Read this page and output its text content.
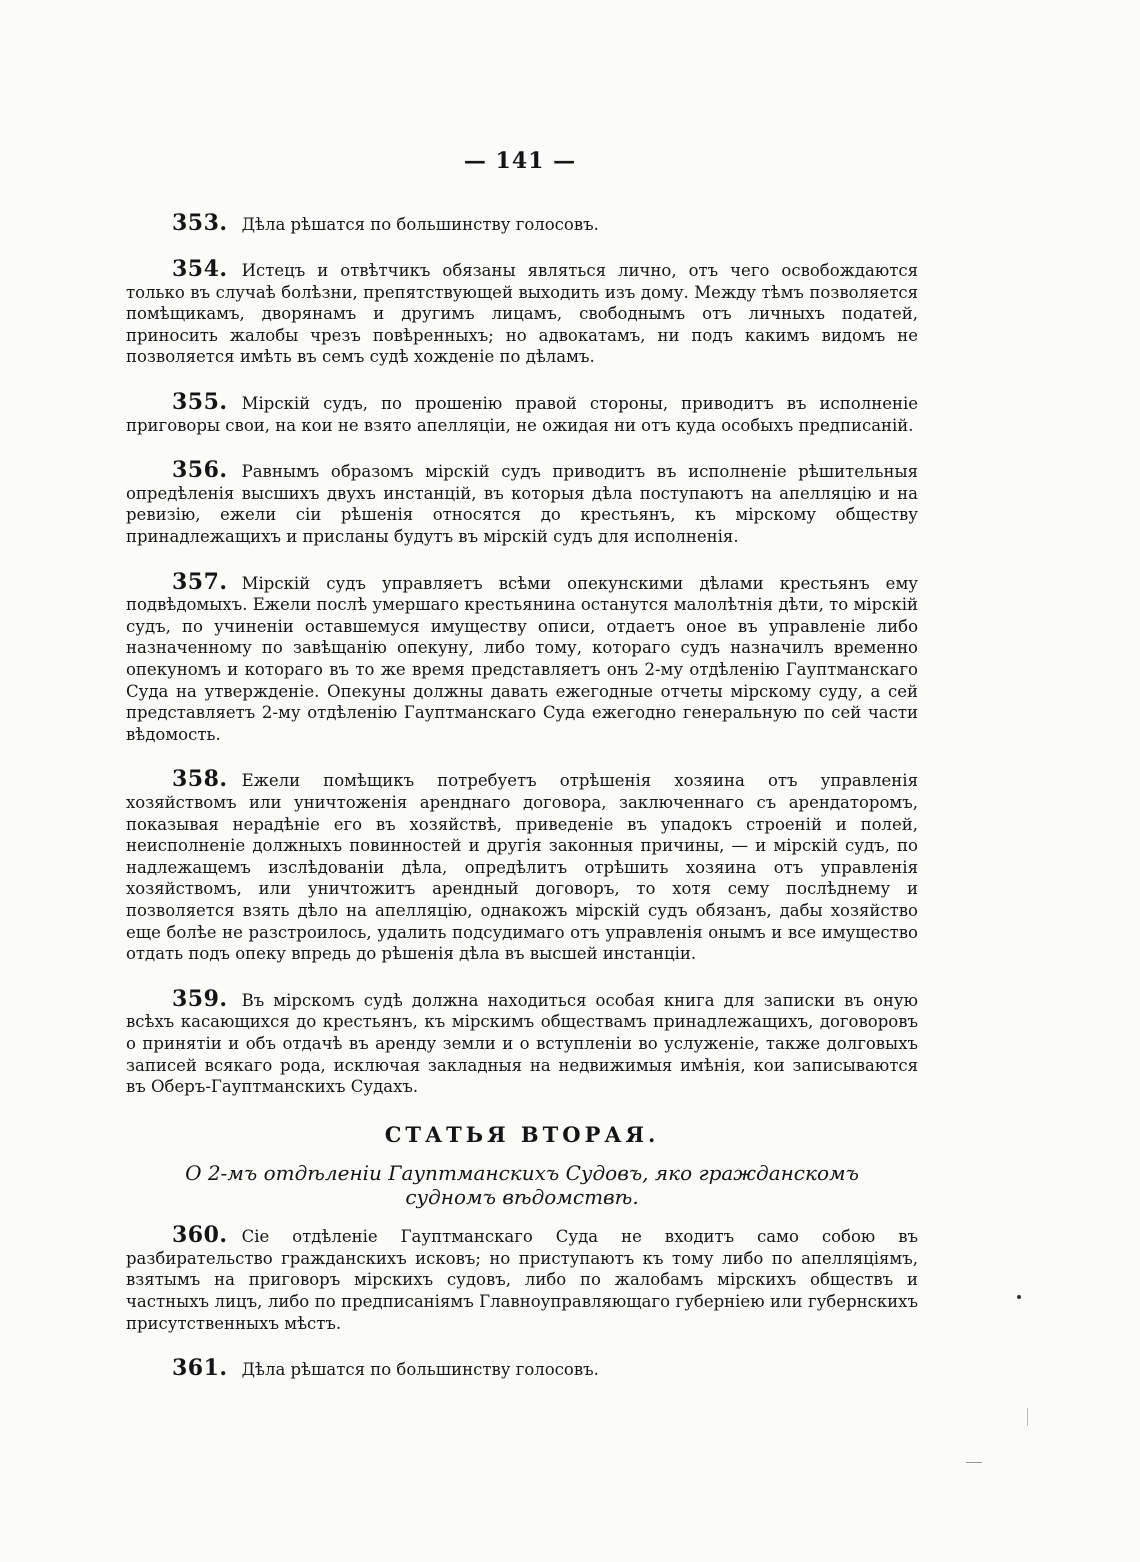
— 141 —

353. Дѣла рѣшатся по большинству голосовъ.

354. Истецъ и отвѣтчикъ обязаны являться лично, отъ чего освобождаются только въ случаѣ болѣзни, препятствующей выходить изъ дому. Между тѣмъ позволяется помѣщикамъ, дворянамъ и другимъ лицамъ, свободнымъ отъ личныхъ податей, приносить жалобы чрезъ повѣренныхъ; но адвокатамъ, ни подъ какимъ видомъ не позволяется имѣть въ семъ судѣ хожденіе по дѣламъ.

355. Мірскій судъ, по прошенію правой стороны, приводитъ въ исполненіе приговоры свои, на кои не взято апелляціи, не ожидая ни отъ куда особыхъ предписаній.

356. Равнымъ образомъ мірскій судъ приводитъ въ исполненіе рѣшительныя опредѣленія высшихъ двухъ инстанцій, въ которыя дѣла поступаютъ на апелляцію и на ревизію, ежели сіи рѣшенія относятся до крестьянъ, къ мірскому обществу принадлежащихъ и присланы будутъ въ мірскій судъ для исполненія.

357. Мірскій судъ управляетъ всѣми опекунскими дѣлами крестьянъ ему подвѣдомыхъ. Ежели послѣ умершаго крестьянина останутся малолѣтнія дѣти, то мірскій судъ, по учиненіи оставшемуся имуществу описи, отдаетъ оное въ управленіе либо назначенному по завѣщанію опекуну, либо тому, котораго судъ назначилъ временно опекуномъ и котораго въ то же время представляетъ онъ 2-му отдѣленію Гауптманскаго Суда на утвержденіе. Опекуны должны давать ежегодные отчеты мірскому суду, а сей представляетъ 2-му отдѣленію Гауптманскаго Суда ежегодно генеральную по сей части вѣдомость.

358. Ежели помѣщикъ потребуетъ отрѣшенія хозяина отъ управленія хозяйствомъ или уничтоженія аренднаго договора, заключеннаго съ арендаторомъ, показывая нерадѣніе его въ хозяйствѣ, приведеніе въ упадокъ строеній и полей, неисполненіе должныхъ повинностей и другія законныя причины, — и мірскій судъ, по надлежащемъ изслѣдованіи дѣла, опредѣлитъ отрѣшить хозяина отъ управленія хозяйствомъ, или уничтожитъ арендный договоръ, то хотя сему послѣднему и позволяется взять дѣло на апелляцію, однакожъ мірскій судъ обязанъ, дабы хозяйство еще болѣе не разстроилось, удалить подсудимаго отъ управленія онымъ и все имущество отдать подъ опеку впредь до рѣшенія дѣла въ высшей инстанціи.

359. Въ мірскомъ судѣ должна находиться особая книга для записки въ оную всѣхъ касающихся до крестьянъ, къ мірскимъ обществамъ принадлежащихъ, договоровъ о принятіи и объ отдачѣ въ аренду земли и о вступленіи во услуженіе, также долговыхъ записей всякаго рода, исключая закладныя на недвижимыя имѣнія, кои записываются въ Оберъ-Гауптманскихъ Судахъ.

СТАТЬЯ ВТОРАЯ.
О 2-мъ отдѣленіи Гауптманскихъ Судовъ, яко гражданскомъ судномъ вѣдомствѣ.

360. Сіе отдѣленіе Гауптманскаго Суда не входитъ само собою въ разбирательство гражданскихъ исковъ; но приступаютъ къ тому либо по апелляціямъ, взятымъ на приговоръ мірскихъ судовъ, либо по жалобамъ мірскихъ обществъ и частныхъ лицъ, либо по предписаніямъ Главноуправляющаго губерніею или губернскихъ присутственныхъ мѣстъ.

361. Дѣла рѣшатся по большинству голосовъ.
